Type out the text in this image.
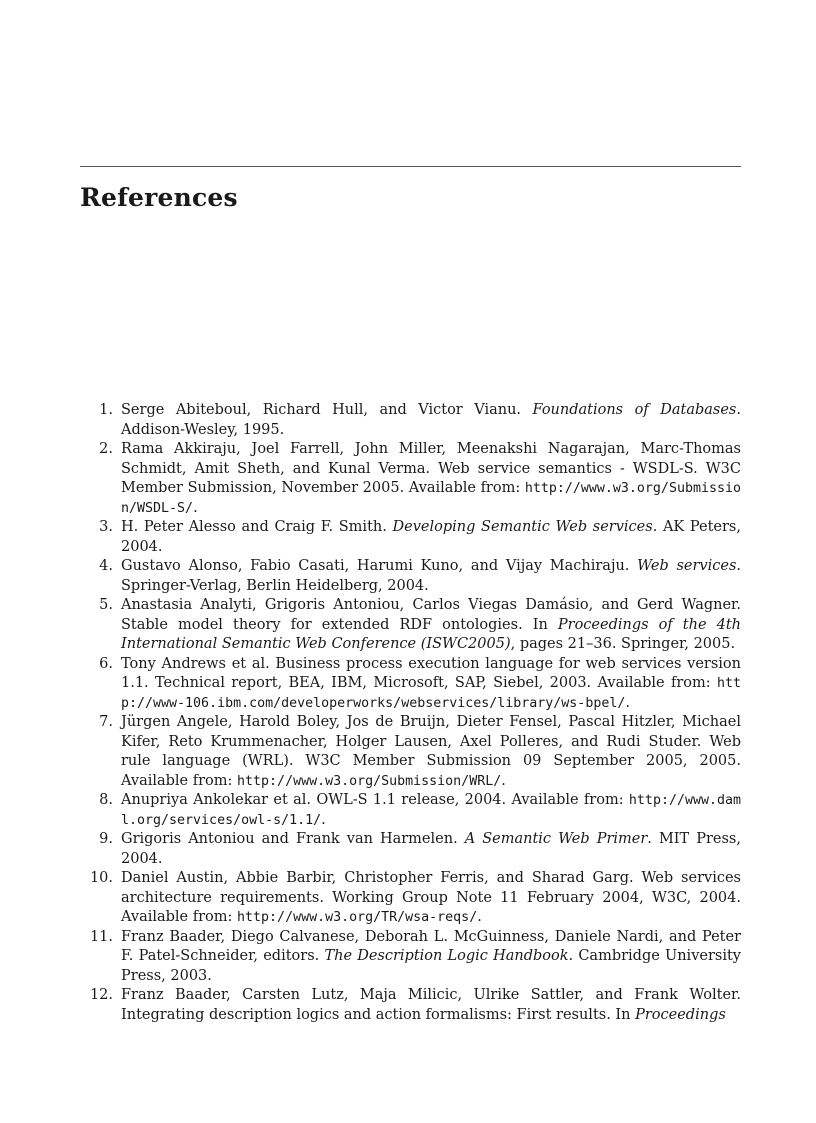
References
1. Serge Abiteboul, Richard Hull, and Victor Vianu. Foundations of Databases. Addison-Wesley, 1995.
2. Rama Akkiraju, Joel Farrell, John Miller, Meenakshi Nagarajan, Marc-Thomas Schmidt, Amit Sheth, and Kunal Verma. Web service semantics - WSDL-S. W3C Member Submission, November 2005. Available from: http://www.w3.org/Submission/WSDL-S/.
3. H. Peter Alesso and Craig F. Smith. Developing Semantic Web services. AK Peters, 2004.
4. Gustavo Alonso, Fabio Casati, Harumi Kuno, and Vijay Machiraju. Web services. Springer-Verlag, Berlin Heidelberg, 2004.
5. Anastasia Analyti, Grigoris Antoniou, Carlos Viegas Damásio, and Gerd Wagner. Stable model theory for extended RDF ontologies. In Proceedings of the 4th International Semantic Web Conference (ISWC2005), pages 21–36. Springer, 2005.
6. Tony Andrews et al. Business process execution language for web services version 1.1. Technical report, BEA, IBM, Microsoft, SAP, Siebel, 2003. Available from: http://www-106.ibm.com/developerworks/webservices/library/ws-bpel/.
7. Jürgen Angele, Harold Boley, Jos de Bruijn, Dieter Fensel, Pascal Hitzler, Michael Kifer, Reto Krummenacher, Holger Lausen, Axel Polleres, and Rudi Studer. Web rule language (WRL). W3C Member Submission 09 September 2005, 2005. Available from: http://www.w3.org/Submission/WRL/.
8. Anupriya Ankolekar et al. OWL-S 1.1 release, 2004. Available from: http://www.daml.org/services/owl-s/1.1/.
9. Grigoris Antoniou and Frank van Harmelen. A Semantic Web Primer. MIT Press, 2004.
10. Daniel Austin, Abbie Barbir, Christopher Ferris, and Sharad Garg. Web services architecture requirements. Working Group Note 11 February 2004, W3C, 2004. Available from: http://www.w3.org/TR/wsa-reqs/.
11. Franz Baader, Diego Calvanese, Deborah L. McGuinness, Daniele Nardi, and Peter F. Patel-Schneider, editors. The Description Logic Handbook. Cambridge University Press, 2003.
12. Franz Baader, Carsten Lutz, Maja Milicic, Ulrike Sattler, and Frank Wolter. Integrating description logics and action formalisms: First results. In Proceedings
